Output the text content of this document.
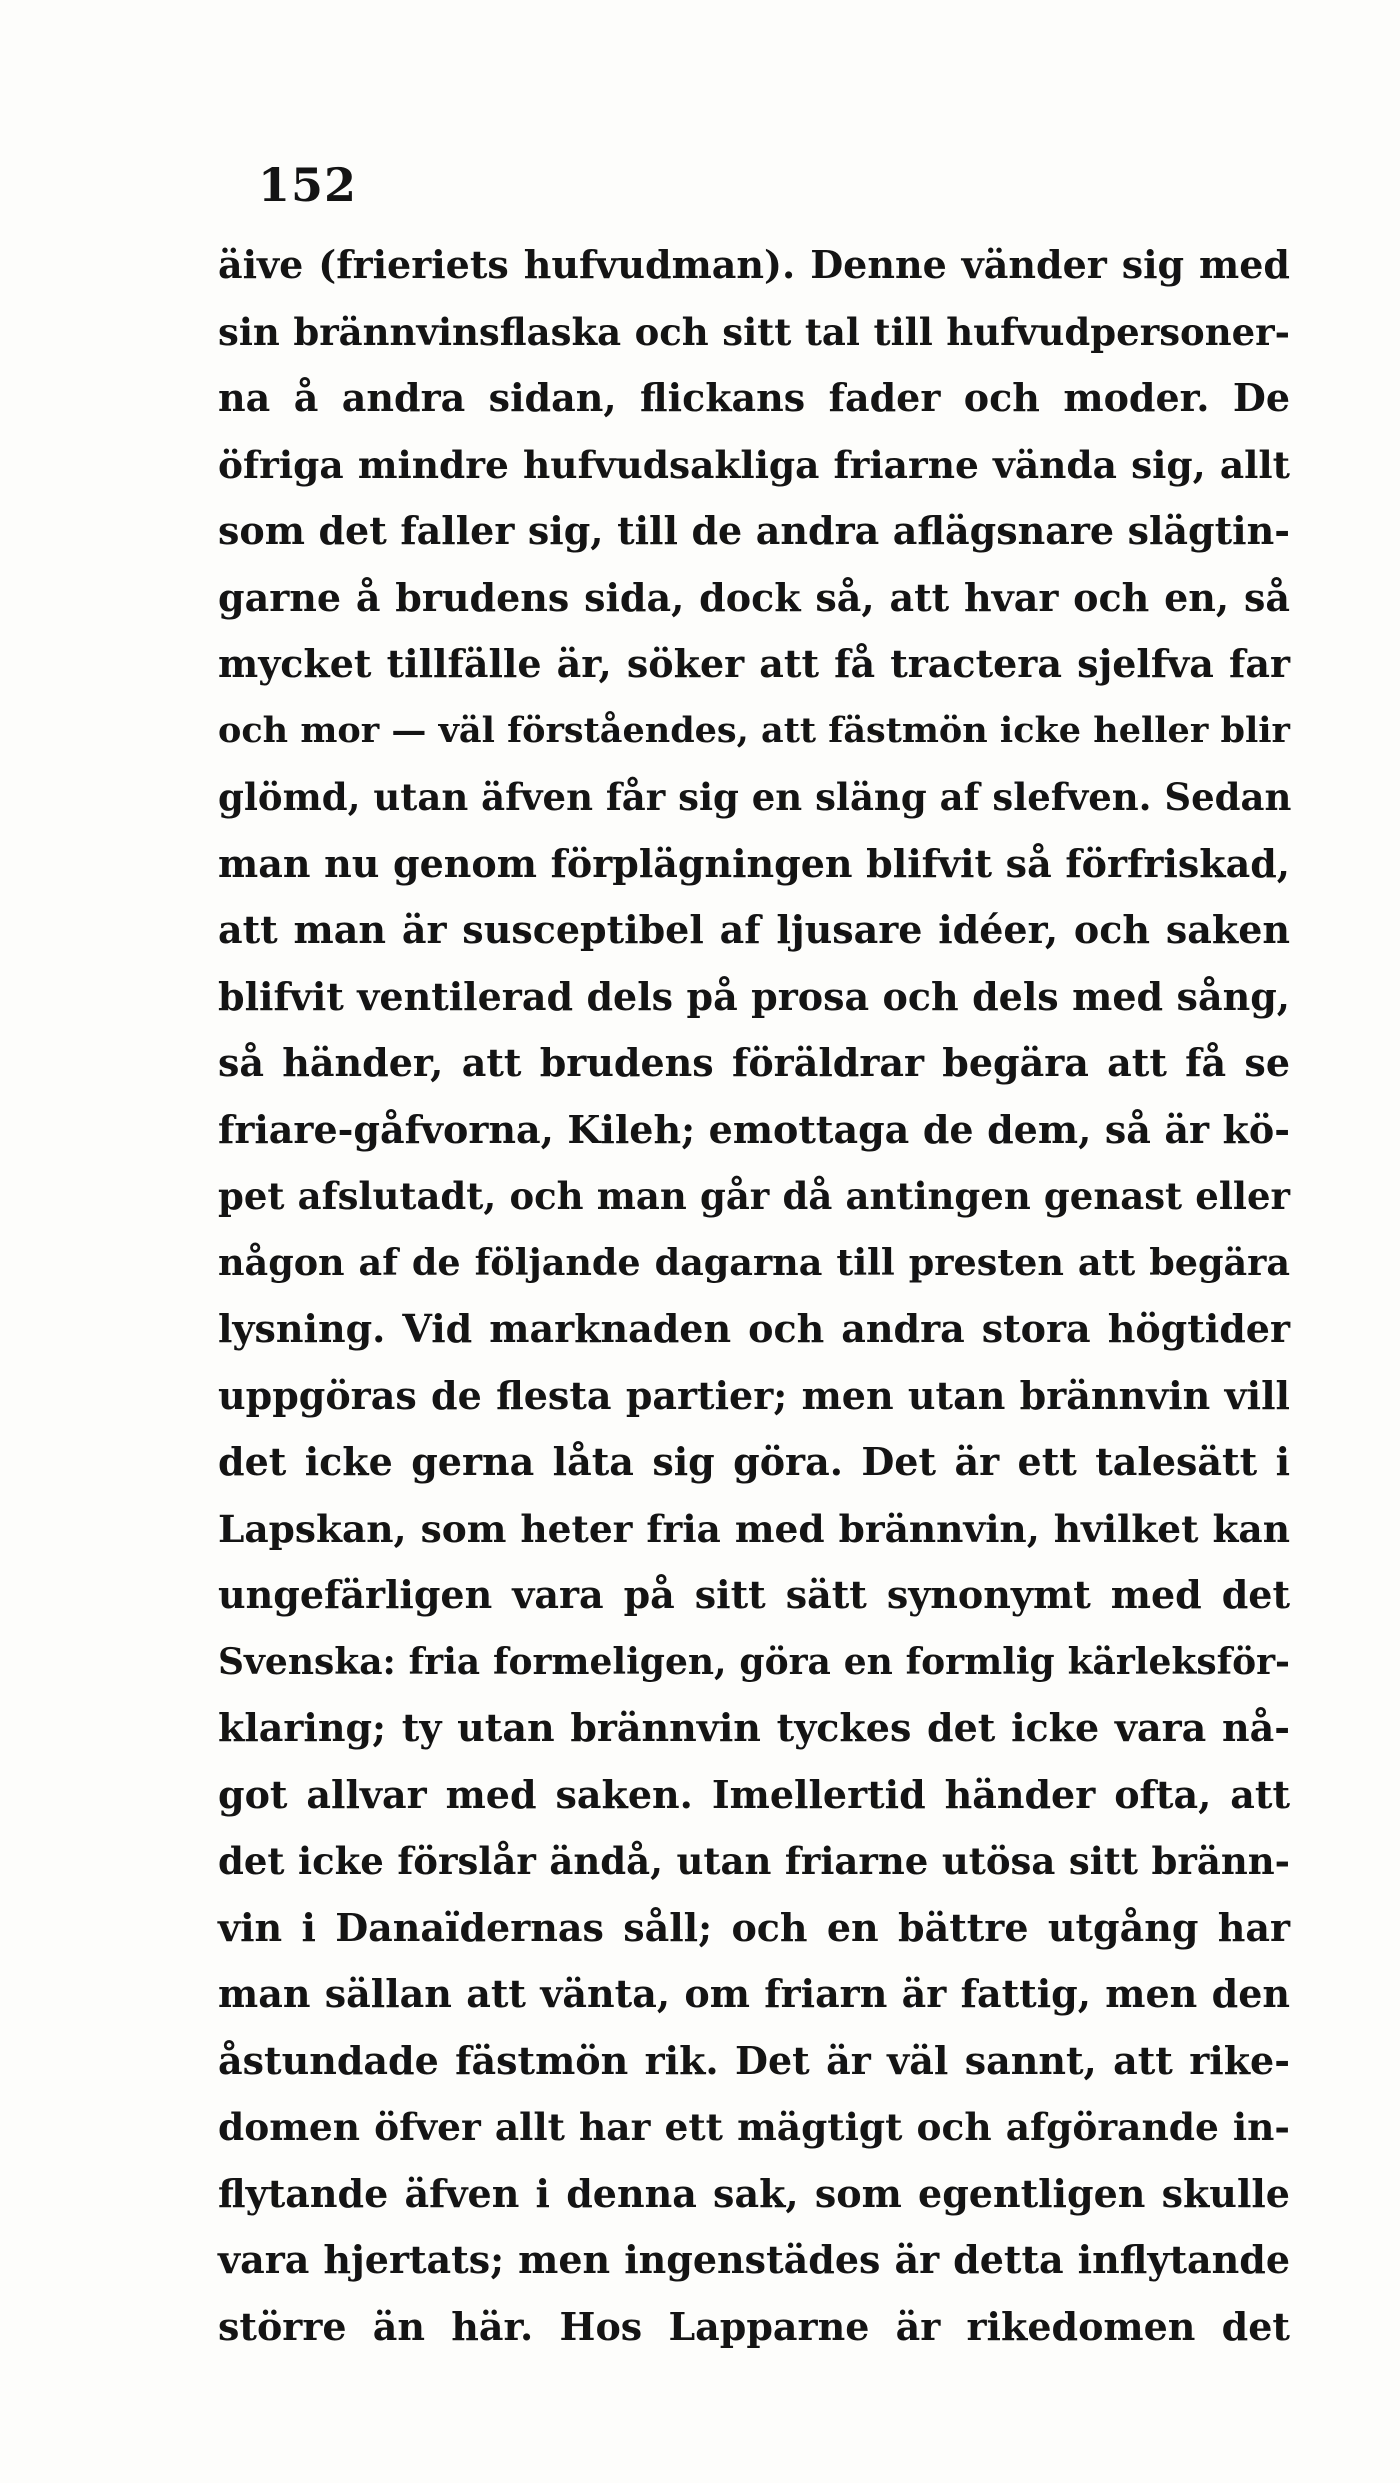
152
äive (frieriets hufvudman). Denne vänder sig med
sin brännvinsflaska och sitt tal till hufvudpersoner-
na å andra sidan, flickans fader och moder. De
öfriga mindre hufvudsakliga friarne vända sig, allt
som det faller sig, till de andra aflägsnare slägtin-
garne å brudens sida, dock så, att hvar och en, så
mycket tillfälle är, söker att få tractera sjelfva far
och mor — väl förståendes, att fästmön icke heller blir
glömd, utan äfven får sig en släng af slefven. Sedan
man nu genom förplägningen blifvit så förfriskad,
att man är susceptibel af ljusare idéer, och saken
blifvit ventilerad dels på prosa och dels med sång,
så händer, att brudens föräldrar begära att få se
friare-gåfvorna, Kileh; emottaga de dem, så är kö-
pet afslutadt, och man går då antingen genast eller
någon af de följande dagarna till presten att begära
lysning. Vid marknaden och andra stora högtider
uppgöras de flesta partier; men utan brännvin vill
det icke gerna låta sig göra. Det är ett talesätt i
Lapskan, som heter fria med brännvin, hvilket kan
ungefärligen vara på sitt sätt synonymt med det
Svenska: fria formeligen, göra en formlig kärleksför-
klaring; ty utan brännvin tyckes det icke vara nå-
got allvar med saken. Imellertid händer ofta, att
det icke förslår ändå, utan friarne utösa sitt bränn-
vin i Danaïdernas såll; och en bättre utgång har
man sällan att vänta, om friarn är fattig, men den
åstundade fästmön rik. Det är väl sannt, att rike-
domen öfver allt har ett mägtigt och afgörande in-
flytande äfven i denna sak, som egentligen skulle
vara hjertats; men ingenstädes är detta inflytande
större än här. Hos Lapparne är rikedomen det
